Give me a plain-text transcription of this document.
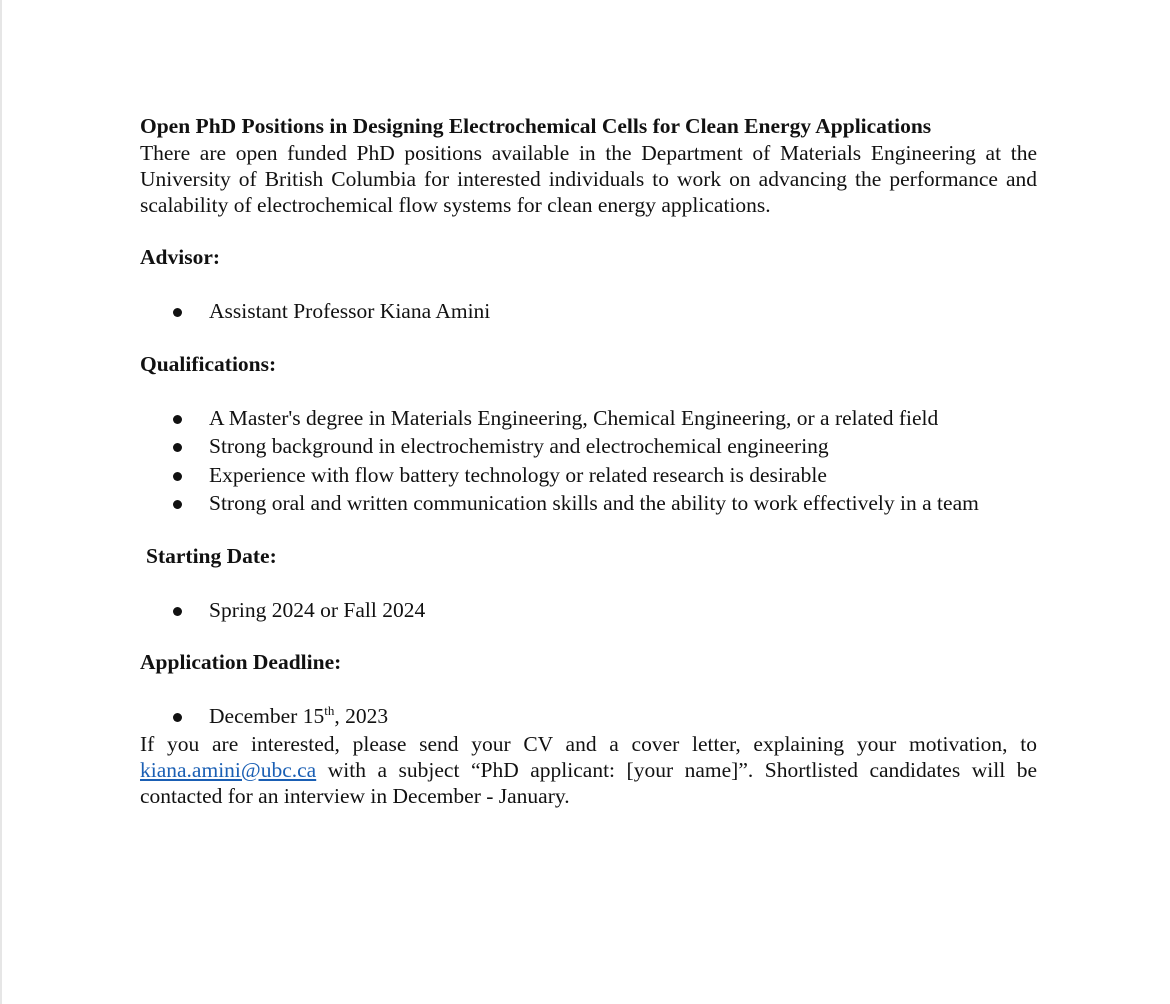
Open PhD Positions in Designing Electrochemical Cells for Clean Energy Applications

There are open funded PhD positions available in the Department of Materials Engineering at the University of British Columbia for interested individuals to work on advancing the performance and scalability of electrochemical flow systems for clean energy applications.

Advisor:
Assistant Professor Kiana Amini
Qualifications:
A Master's degree in Materials Engineering, Chemical Engineering, or a related field
Strong background in electrochemistry and electrochemical engineering
Experience with flow battery technology or related research is desirable
Strong oral and written communication skills and the ability to work effectively in a team
Starting Date:
Spring 2024 or Fall 2024
Application Deadline:
December 15th, 2023

If you are interested, please send your CV and a cover letter, explaining your motivation, to kiana.amini@ubc.ca with a subject “PhD applicant: [your name]”. Shortlisted candidates will be contacted for an interview in December - January.
